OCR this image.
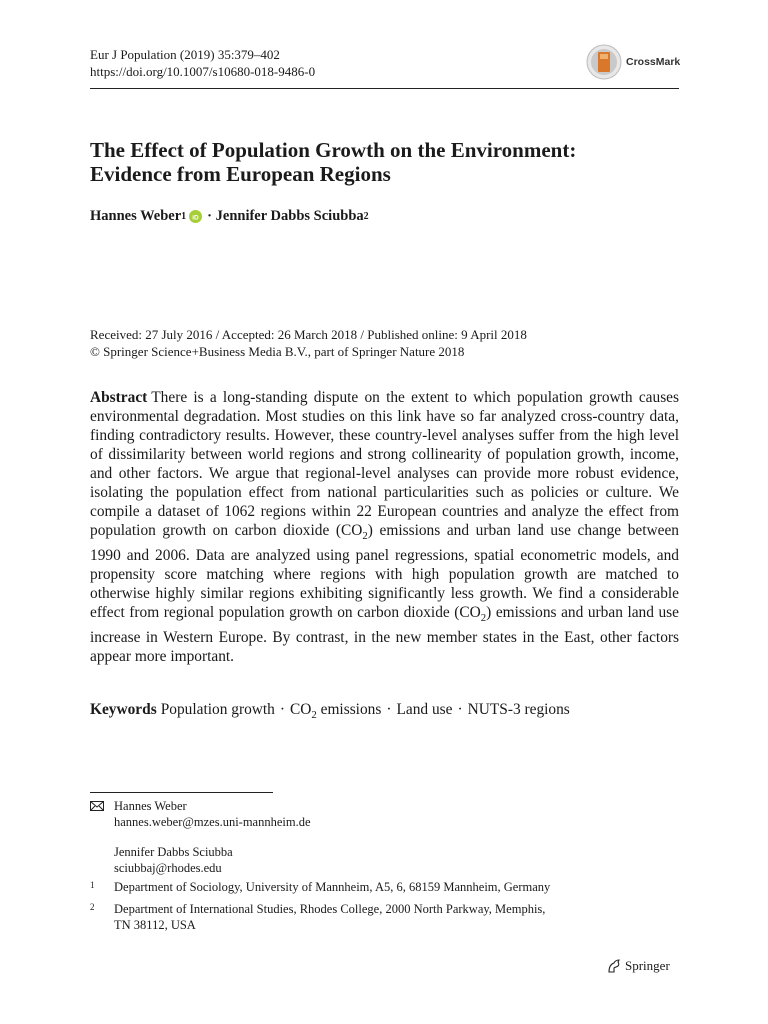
Eur J Population (2019) 35:379–402
https://doi.org/10.1007/s10680-018-9486-0
CrossMark
The Effect of Population Growth on the Environment:
Evidence from European Regions
Hannes Weber 1 iD ·
Jennifer Dabbs Sciubba 2
Received: 27 July 2016 / Accepted: 26 March 2018 / Published online: 9 April 2018
© Springer Science+Business Media B.V., part of Springer Nature 2018
Abstract There is a long-standing dispute on the extent to which population growth causes environmental degradation. Most studies on this link have so far analyzed cross-country data, finding contradictory results. However, these country-level analyses suffer from the high level of dissimilarity between world regions and strong collinearity of population growth, income, and other factors. We argue that regional-level analyses can provide more robust evidence, isolating the population effect from national particularities such as policies or culture. We compile a dataset of 1062 regions within 22 European countries and analyze the effect from population growth on carbon dioxide $(CO_2)$ emissions and urban land use change between 1990 and 2006. Data are analyzed using panel regressions, spatial econometric models, and propensity score matching where regions with high population growth are matched to otherwise highly similar regions exhibiting significantly less growth. We find a considerable effect from regional population growth on carbon dioxide $(CO_2)$ emissions and urban land use increase in Western Europe. By contrast, in the new member states in the East, other factors appear more important.
Keywords Population growth · $CO_2$ emissions · Land use · NUTS-3 regions
Hannes Weber
hannes.weber@mzes.uni-mannheim.de
Jennifer Dabbs Sciubba
sciubbaj@rhodes.edu
1	Department of Sociology, University of Mannheim, A5, 6, 68159 Mannheim, Germany
2	Department of International Studies, Rhodes College, 2000 North Parkway, Memphis,
TN 38112, USA
Springer
